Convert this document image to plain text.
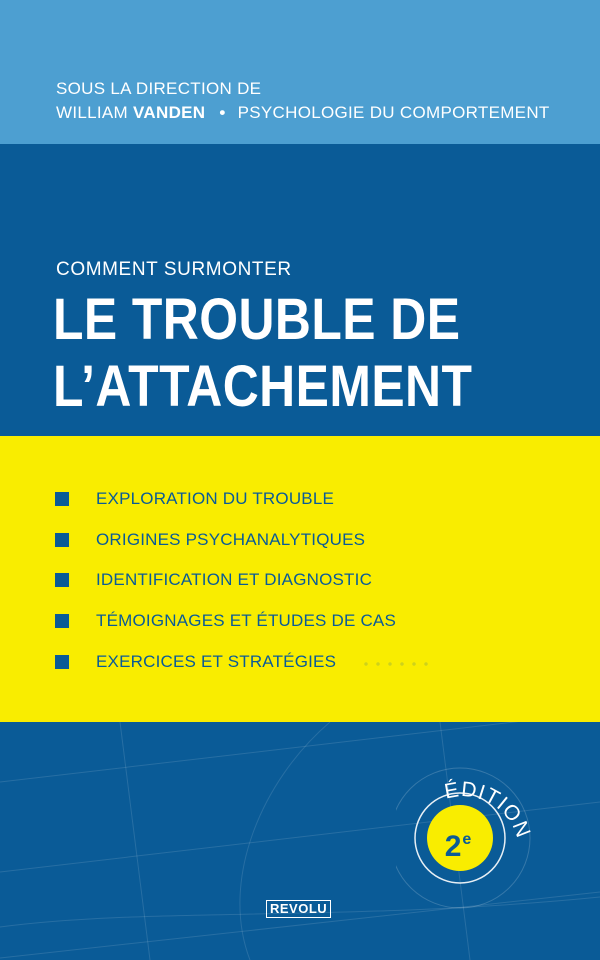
SOUS LA DIRECTION DE
WILLIAM VANDEN • PSYCHOLOGIE DU COMPORTEMENT
COMMENT SURMONTER
LE TROUBLE DE
L’ATTACHEMENT
EXPLORATION DU TROUBLE
ORIGINES PSYCHANALYTIQUES
IDENTIFICATION ET DIAGNOSTIC
TÉMOIGNAGES ET ÉTUDES DE CAS
EXERCICES ET STRATÉGIES
ÉDITION
2e
REVOLU
